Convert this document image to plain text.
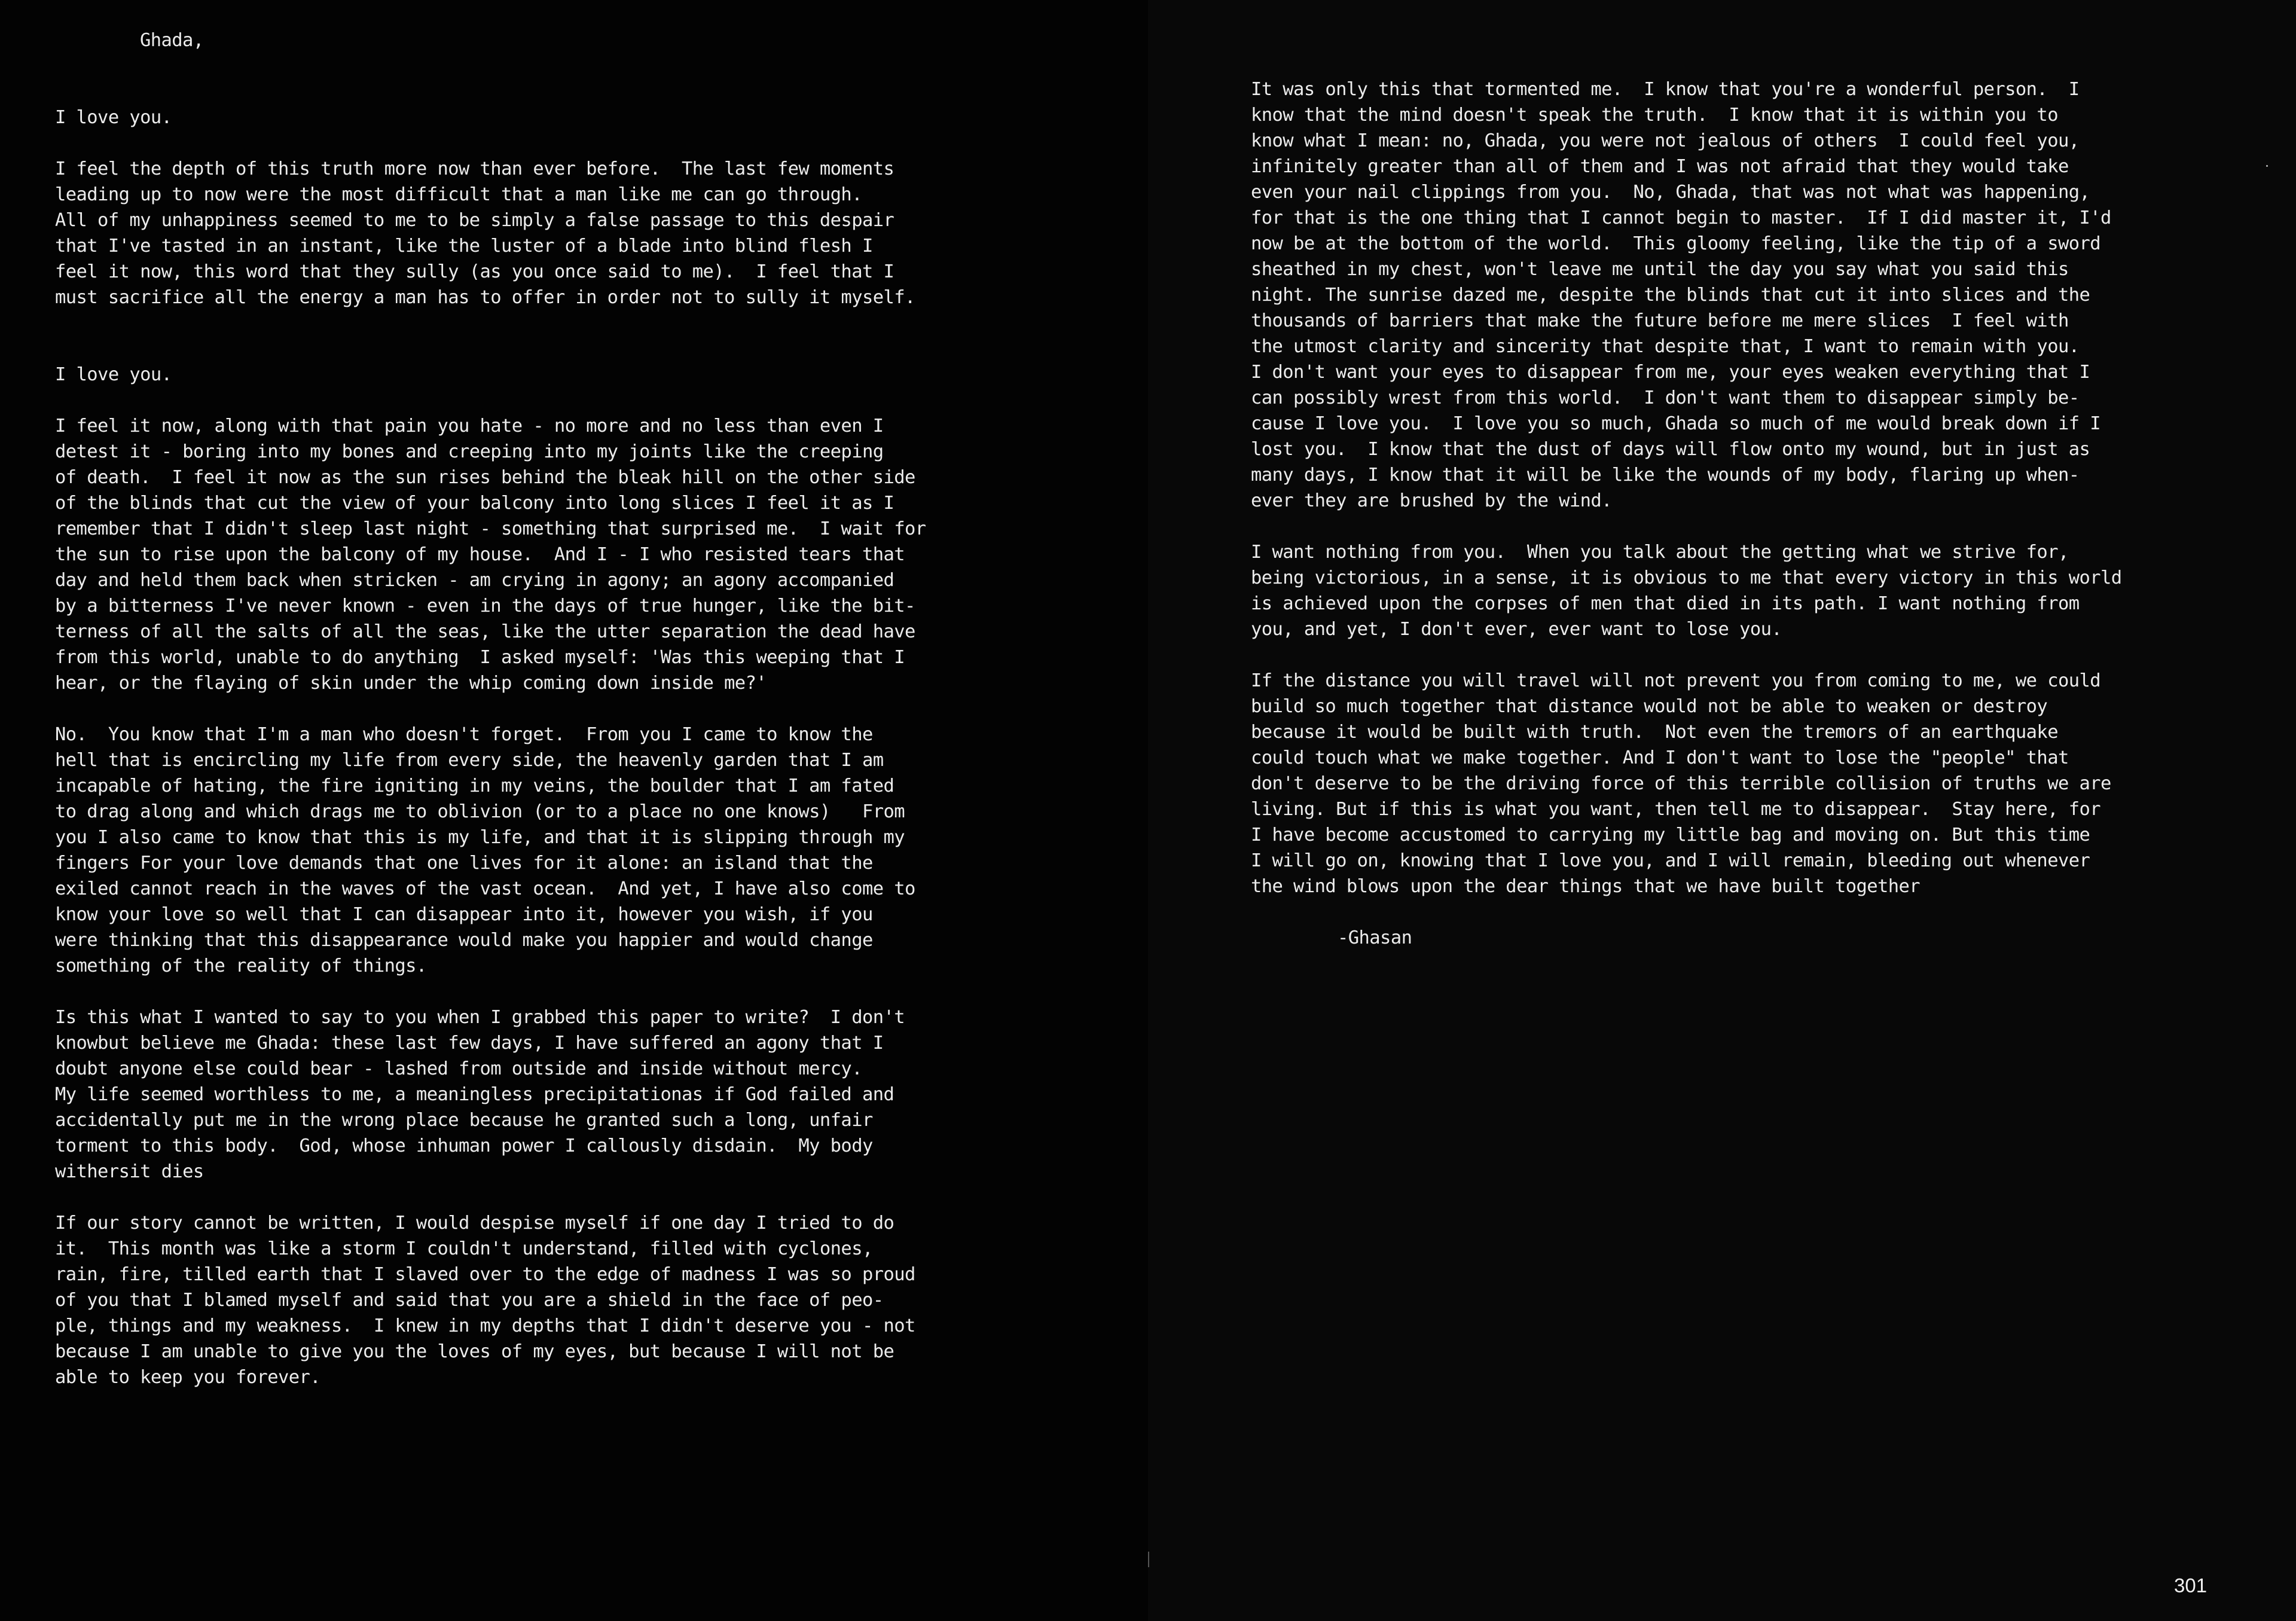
Ghada,

I love you.

I feel the depth of this truth more now than ever before.  The last few moments
leading up to now were the most difficult that a man like me can go through.
All of my unhappiness seemed to me to be simply a false passage to this despair
that I've tasted in an instant, like the luster of a blade into blind flesh I
feel it now, this word that they sully (as you once said to me).  I feel that I
must sacrifice all the energy a man has to offer in order not to sully it myself.

I love you.

I feel it now, along with that pain you hate - no more and no less than even I
detest it - boring into my bones and creeping into my joints like the creeping
of death.  I feel it now as the sun rises behind the bleak hill on the other side
of the blinds that cut the view of your balcony into long slices I feel it as I
remember that I didn't sleep last night - something that surprised me.  I wait for
the sun to rise upon the balcony of my house.  And I - I who resisted tears that
day and held them back when stricken - am crying in agony; an agony accompanied
by a bitterness I've never known - even in the days of true hunger, like the bit-
terness of all the salts of all the seas, like the utter separation the dead have
from this world, unable to do anything  I asked myself: 'Was this weeping that I
hear, or the flaying of skin under the whip coming down inside me?'

No.  You know that I'm a man who doesn't forget.  From you I came to know the
hell that is encircling my life from every side, the heavenly garden that I am
incapable of hating, the fire igniting in my veins, the boulder that I am fated
to drag along and which drags me to oblivion (or to a place no one knows)   From
you I also came to know that this is my life, and that it is slipping through my
fingers For your love demands that one lives for it alone: an island that the
exiled cannot reach in the waves of the vast ocean.  And yet, I have also come to
know your love so well that I can disappear into it, however you wish, if you
were thinking that this disappearance would make you happier and would change
something of the reality of things.

Is this what I wanted to say to you when I grabbed this paper to write?  I don't
knowbut believe me Ghada: these last few days, I have suffered an agony that I
doubt anyone else could bear - lashed from outside and inside without mercy.
My life seemed worthless to me, a meaningless precipitationas if God failed and
accidentally put me in the wrong place because he granted such a long, unfair
torment to this body.  God, whose inhuman power I callously disdain.  My body
withersit dies

If our story cannot be written, I would despise myself if one day I tried to do
it.  This month was like a storm I couldn't understand, filled with cyclones,
rain, fire, tilled earth that I slaved over to the edge of madness I was so proud
of you that I blamed myself and said that you are a shield in the face of peo-
ple, things and my weakness.  I knew in my depths that I didn't deserve you - not
because I am unable to give you the loves of my eyes, but because I will not be
able to keep you forever.

It was only this that tormented me.  I know that you're a wonderful person.  I
know that the mind doesn't speak the truth.  I know that it is within you to
know what I mean: no, Ghada, you were not jealous of others  I could feel you,
infinitely greater than all of them and I was not afraid that they would take
even your nail clippings from you.  No, Ghada, that was not what was happening,
for that is the one thing that I cannot begin to master.  If I did master it, I'd
now be at the bottom of the world.  This gloomy feeling, like the tip of a sword
sheathed in my chest, won't leave me until the day you say what you said this
night. The sunrise dazed me, despite the blinds that cut it into slices and the
thousands of barriers that make the future before me mere slices  I feel with
the utmost clarity and sincerity that despite that, I want to remain with you.
I don't want your eyes to disappear from me, your eyes weaken everything that I
can possibly wrest from this world.  I don't want them to disappear simply be-
cause I love you.  I love you so much, Ghada so much of me would break down if I
lost you.  I know that the dust of days will flow onto my wound, but in just as
many days, I know that it will be like the wounds of my body, flaring up when-
ever they are brushed by the wind.

I want nothing from you.  When you talk about the getting what we strive for,
being victorious, in a sense, it is obvious to me that every victory in this world
is achieved upon the corpses of men that died in its path. I want nothing from
you, and yet, I don't ever, ever want to lose you.

If the distance you will travel will not prevent you from coming to me, we could
build so much together that distance would not be able to weaken or destroy
because it would be built with truth.  Not even the tremors of an earthquake
could touch what we make together. And I don't want to lose the "people" that
don't deserve to be the driving force of this terrible collision of truths we are
living. But if this is what you want, then tell me to disappear.  Stay here, for
I have become accustomed to carrying my little bag and moving on. But this time
I will go on, knowing that I love you, and I will remain, bleeding out whenever
the wind blows upon the dear things that we have built together

-Ghasan

301
